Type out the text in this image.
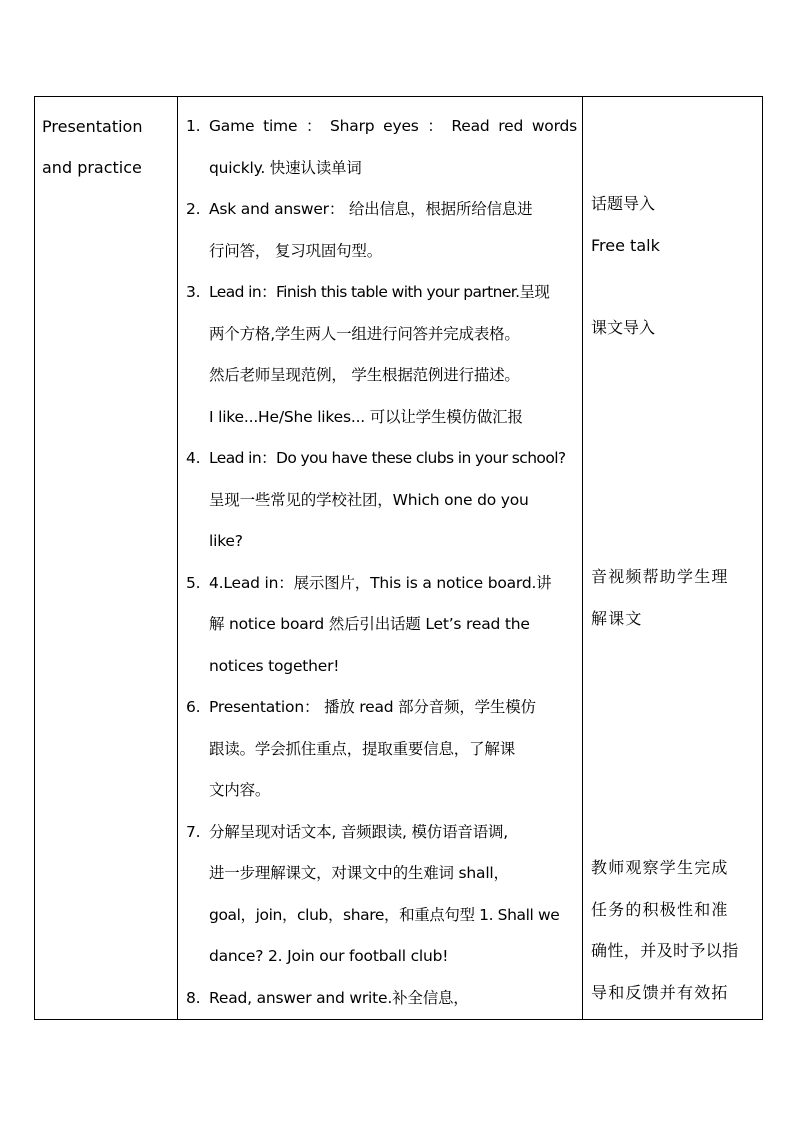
Presentation
and practice

1. Game time ： Sharp eyes ： Read red words
quickly. 快速认读单词
2. Ask and answer： 给出信息，根据所给信息进
行问答， 复习巩固句型。
3. Lead in：Finish this table with your partner.呈现
两个方格,学生两人一组进行问答并完成表格。
然后老师呈现范例， 学生根据范例进行描述。
I like...He/She likes... 可以让学生模仿做汇报
4. Lead in：Do you have these clubs in your school?
呈现一些常见的学校社团，Which one do you
like?
5. 4.Lead in：展示图片，This is a notice board.讲
解 notice board 然后引出话题 Let’s read the
notices together!
6. Presentation： 播放 read 部分音频，学生模仿
跟读。学会抓住重点，提取重要信息，了解课
文内容。
7. 分解呈现对话文本, 音频跟读, 模仿语音语调,
进一步理解课文，对课文中的生难词 shall，
goal，join，club，share，和重点句型 1. Shall we
dance? 2. Join our football club!
8. Read, answer and write.补全信息，

话题导入
Free talk
课文导入
音视频帮助学生理
解课文
教师观察学生完成
任务的积极性和准
确性，并及时予以指
导和反馈并有效拓
